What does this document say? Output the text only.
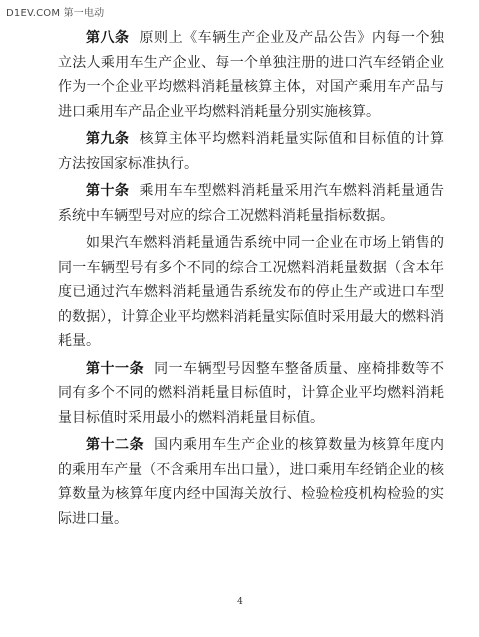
D1EV.COM 第一电动

第八条 原则上《车辆生产企业及产品公告》内每一个独立法人乘用车生产企业、每一个单独注册的进口汽车经销企业作为一个企业平均燃料消耗量核算主体，对国产乘用车产品与进口乘用车产品企业平均燃料消耗量分别实施核算。

第九条 核算主体平均燃料消耗量实际值和目标值的计算方法按国家标准执行。

第十条 乘用车车型燃料消耗量采用汽车燃料消耗量通告系统中车辆型号对应的综合工况燃料消耗量指标数据。

如果汽车燃料消耗量通告系统中同一企业在市场上销售的同一车辆型号有多个不同的综合工况燃料消耗量数据（含本年度已通过汽车燃料消耗量通告系统发布的停止生产或进口车型的数据），计算企业平均燃料消耗量实际值时采用最大的燃料消耗量。

第十一条 同一车辆型号因整车整备质量、座椅排数等不同有多个不同的燃料消耗量目标值时，计算企业平均燃料消耗量目标值时采用最小的燃料消耗量目标值。

第十二条 国内乘用车生产企业的核算数量为核算年度内的乘用车产量（不含乘用车出口量），进口乘用车经销企业的核算数量为核算年度内经中国海关放行、检验检疫机构检验的实际进口量。

4
